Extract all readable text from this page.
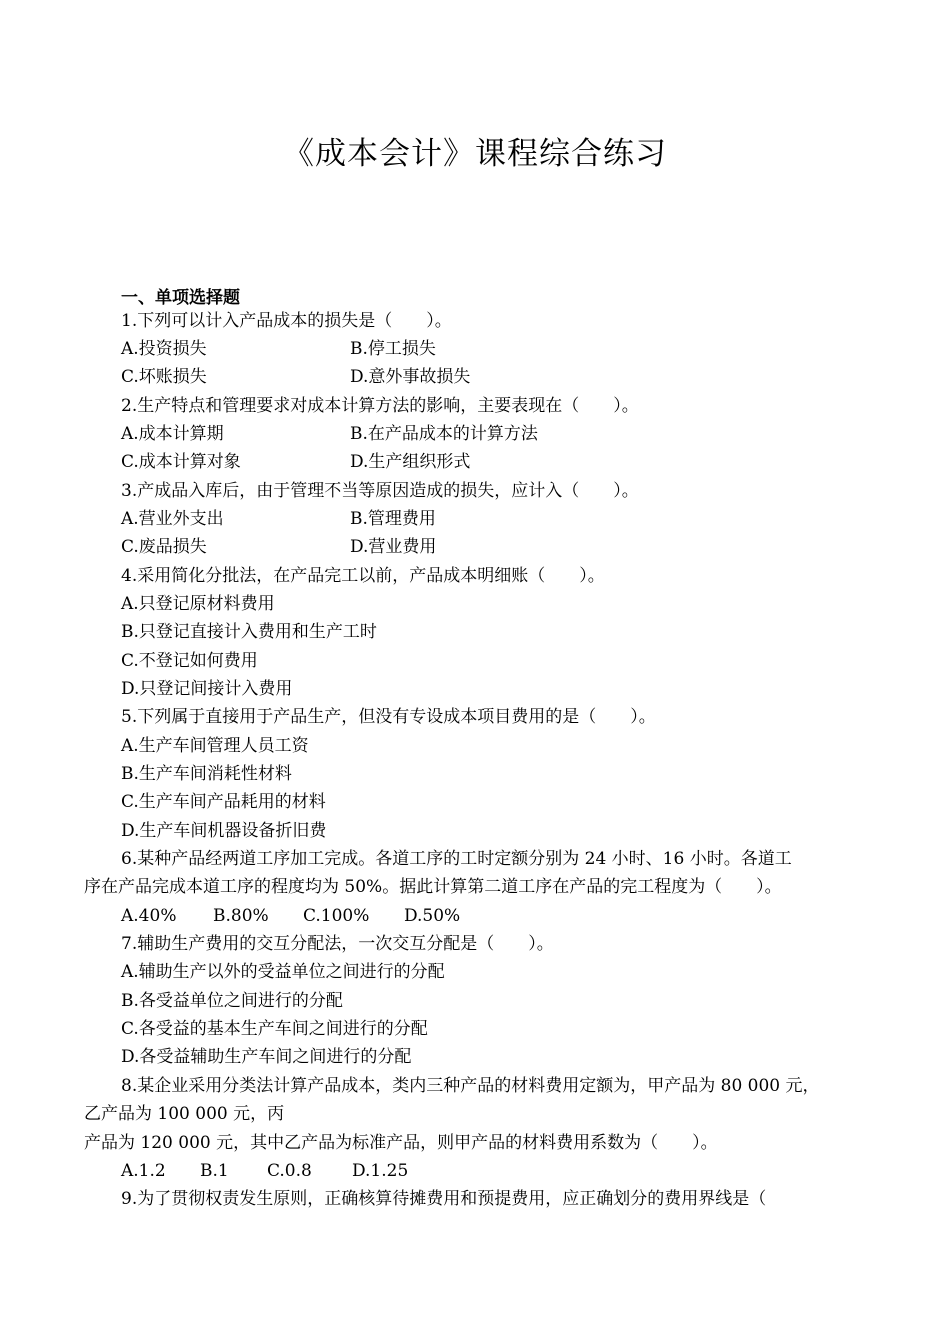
《成本会计》课程综合练习
一、单项选择题
1.下列可以计入产品成本的损失是（　　）。
A.投资损失	B.停工损失
C.坏账损失	D.意外事故损失
2.生产特点和管理要求对成本计算方法的影响，主要表现在（　　）。
A.成本计算期	B.在产品成本的计算方法
C.成本计算对象	D.生产组织形式
3.产成品入库后，由于管理不当等原因造成的损失，应计入（　　）。
A.营业外支出	B.管理费用
C.废品损失	D.营业费用
4.采用简化分批法，在产品完工以前，产品成本明细账（　　）。
A.只登记原材料费用
B.只登记直接计入费用和生产工时
C.不登记如何费用
D.只登记间接计入费用
5.下列属于直接用于产品生产，但没有专设成本项目费用的是（　　）。
A.生产车间管理人员工资
B.生产车间消耗性材料
C.生产车间产品耗用的材料
D.生产车间机器设备折旧费
6.某种产品经两道工序加工完成。各道工序的工时定额分别为 24 小时、16 小时。各道工
序在产品完成本道工序的程度均为 50%。据此计算第二道工序在产品的完工程度为（　　）。
A.40% B.80% C.100% D.50%
7.辅助生产费用的交互分配法，一次交互分配是（　　）。
A.辅助生产以外的受益单位之间进行的分配
B.各受益单位之间进行的分配
C.各受益的基本生产车间之间进行的分配
D.各受益辅助生产车间之间进行的分配
8.某企业采用分类法计算产品成本，类内三种产品的材料费用定额为，甲产品为 80 000 元，
乙产品为 100 000 元，丙
产品为 120 000 元，其中乙产品为标准产品，则甲产品的材料费用系数为（　　）。
A.1.2 B.1 C.0.8 D.1.25
9.为了贯彻权责发生原则，正确核算待摊费用和预提费用，应正确划分的费用界线是（
